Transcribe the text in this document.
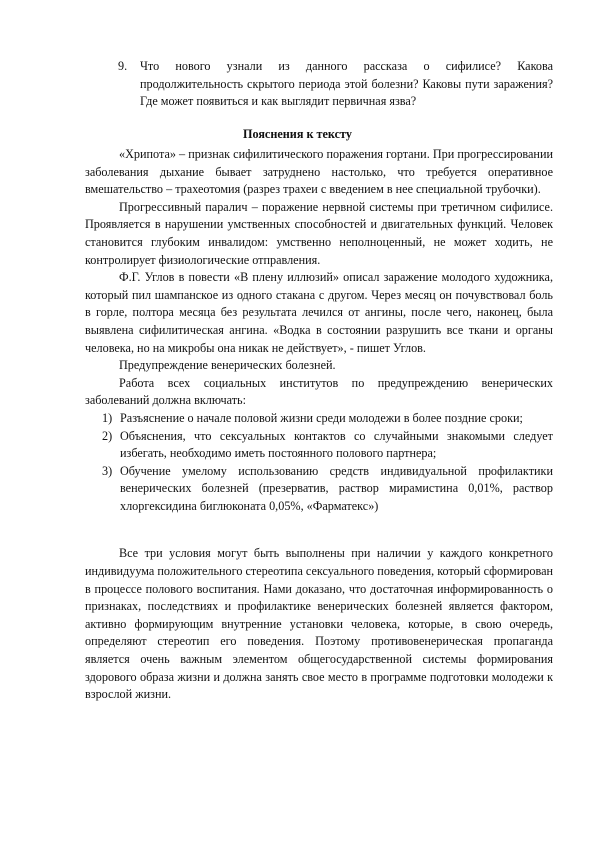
9. Что нового узнали из данного рассказа о сифилисе? Какова продолжительность скрытого периода этой болезни? Каковы пути заражения? Где может появиться и как выглядит первичная язва?
Пояснения к тексту

«Хрипота» – признак сифилитического поражения гортани. При прогрессировании заболевания дыхание бывает затруднено настолько, что требуется оперативное вмешательство – трахеотомия (разрез трахеи с введением в нее специальной трубочки).

Прогрессивный паралич – поражение нервной системы при третичном сифилисе. Проявляется в нарушении умственных способностей и двигательных функций. Человек становится глубоким инвалидом: умственно неполноценный, не может ходить, не контролирует физиологические отправления.

Ф.Г. Углов в повести «В плену иллюзий» описал заражение молодого художника, который пил шампанское из одного стакана с другом. Через месяц он почувствовал боль в горле, полтора месяца без результата лечился от ангины, после чего, наконец, была выявлена сифилитическая ангина. «Водка в состоянии разрушить все ткани и органы человека, но на микробы она никак не действует», - пишет Углов.

Предупреждение венерических болезней.

Работа всех социальных институтов по предупреждению венерических заболеваний должна включать:

1) Разъяснение о начале половой жизни среди молодежи в более поздние сроки;
2) Объяснения, что сексуальных контактов со случайными знакомыми следует избегать, необходимо иметь постоянного полового партнера;
3) Обучение умелому использованию средств индивидуальной профилактики венерических болезней (презерватив, раствор мирамистина 0,01%, раствор хлоргексидина биглюконата 0,05%, «Фарматекс»)

Все три условия могут быть выполнены при наличии у каждого конкретного индивидуума положительного стереотипа сексуального поведения, который сформирован в процессе полового воспитания. Нами доказано, что достаточная информированность о признаках, последствиях и профилактике венерических болезней является фактором, активно формирующим внутренние установки человека, которые, в свою очередь, определяют стереотип его поведения. Поэтому противовенерическая пропаганда является очень важным элементом общегосударственной системы формирования здорового образа жизни и должна занять свое место в программе подготовки молодежи к взрослой жизни.
